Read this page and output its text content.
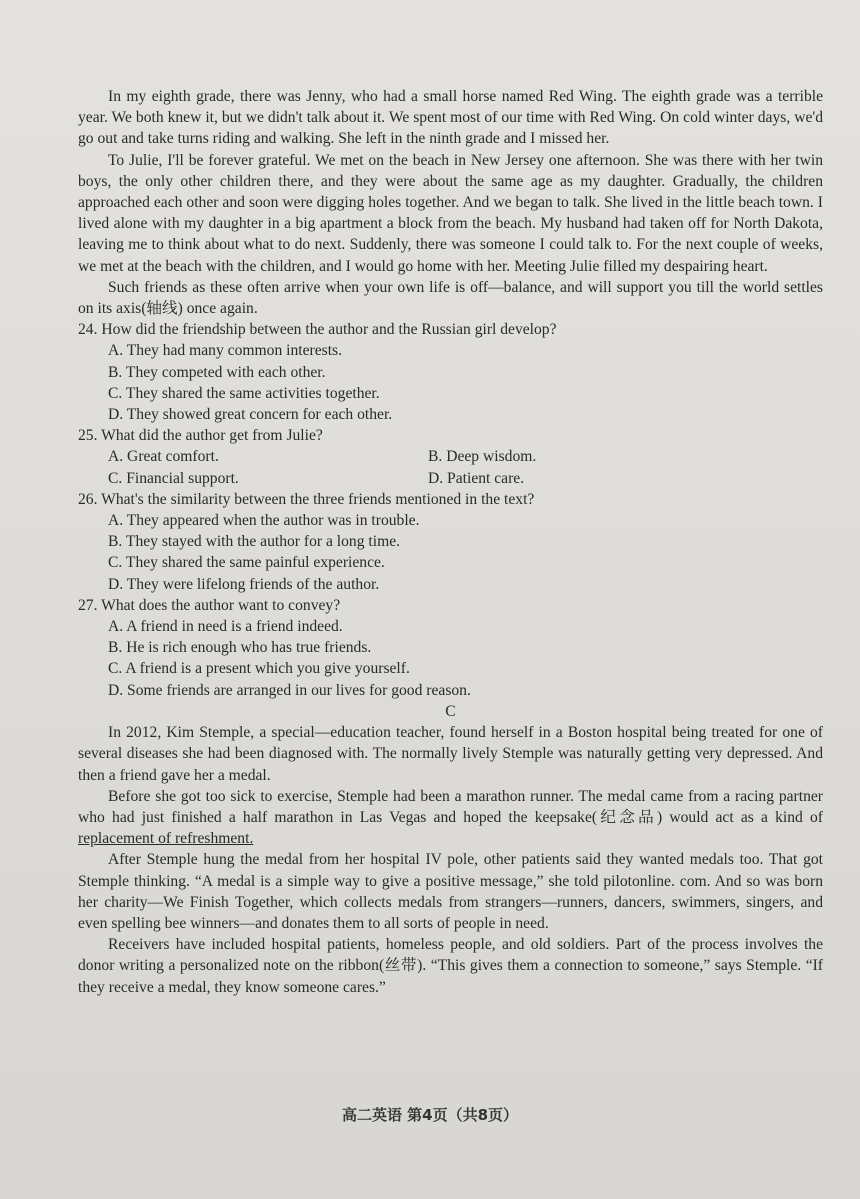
In my eighth grade, there was Jenny, who had a small horse named Red Wing. The eighth grade was a terrible year. We both knew it, but we didn't talk about it. We spent most of our time with Red Wing. On cold winter days, we'd go out and take turns riding and walking. She left in the ninth grade and I missed her.

To Julie, I'll be forever grateful. We met on the beach in New Jersey one afternoon. She was there with her twin boys, the only other children there, and they were about the same age as my daughter. Gradually, the children approached each other and soon were digging holes together. And we began to talk. She lived in the little beach town. I lived alone with my daughter in a big apartment a block from the beach. My husband had taken off for North Dakota, leaving me to think about what to do next. Suddenly, there was someone I could talk to. For the next couple of weeks, we met at the beach with the children, and I would go home with her. Meeting Julie filled my despairing heart.

Such friends as these often arrive when your own life is off—balance, and will support you till the world settles on its axis(轴线) once again.

24. How did the friendship between the author and the Russian girl develop?

A. They had many common interests.

B. They competed with each other.

C. They shared the same activities together.

D. They showed great concern for each other.

25. What did the author get from Julie?

A. Great comfort.	B. Deep wisdom.
C. Financial support.	D. Patient care.

26. What's the similarity between the three friends mentioned in the text?

A. They appeared when the author was in trouble.

B. They stayed with the author for a long time.

C. They shared the same painful experience.

D. They were lifelong friends of the author.

27. What does the author want to convey?

A. A friend in need is a friend indeed.

B. He is rich enough who has true friends.

C. A friend is a present which you give yourself.

D. Some friends are arranged in our lives for good reason.

C

In 2012, Kim Stemple, a special—education teacher, found herself in a Boston hospital being treated for one of several diseases she had been diagnosed with. The normally lively Stemple was naturally getting very depressed. And then a friend gave her a medal.

Before she got too sick to exercise, Stemple had been a marathon runner. The medal came from a racing partner who had just finished a half marathon in Las Vegas and hoped the keepsake(纪念品) would act as a kind of replacement of refreshment.

After Stemple hung the medal from her hospital IV pole, other patients said they wanted medals too. That got Stemple thinking. “A medal is a simple way to give a positive message,” she told pilotonline. com. And so was born her charity—We Finish Together, which collects medals from strangers—runners, dancers, swimmers, singers, and even spelling bee winners—and donates them to all sorts of people in need.

Receivers have included hospital patients, homeless people, and old soldiers. Part of the process involves the donor writing a personalized note on the ribbon(丝带). “This gives them a connection to someone,” says Stemple. “If they receive a medal, they know someone cares.”

高二英语 第4页（共8页）
